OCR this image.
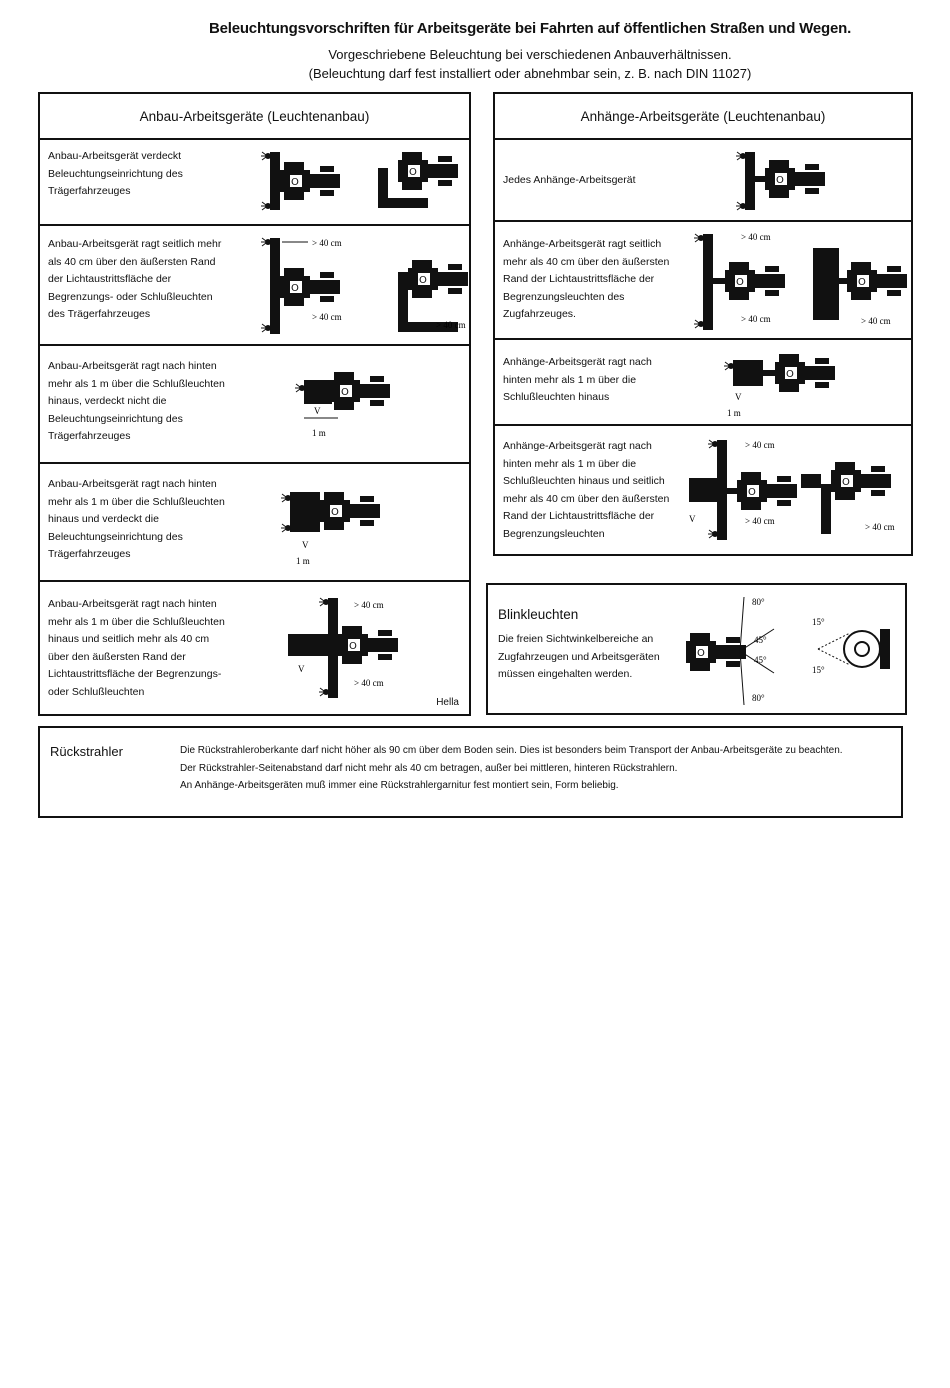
Beleuchtungsvorschriften für Arbeitsgeräte bei Fahrten auf öffentlichen Straßen und Wegen.
Vorgeschriebene Beleuchtung bei verschiedenen Anbauverhältnissen.
(Beleuchtung darf fest installiert oder abnehmbar sein, z. B. nach DIN 11027)
Anbau-Arbeitsgeräte (Leuchtenanbau)
Anbau-Arbeitsgerät verdeckt Beleuchtungseinrichtung des Trägerfahrzeuges
Anbau-Arbeitsgerät ragt seitlich mehr als 40 cm über den äußersten Rand der Lichtaustrittsfläche der Begrenzungs- oder Schlußleuchten des Trägerfahrzeuges
> 40 cm
> 40 cm
> 40 cm
Anbau-Arbeitsgerät ragt nach hinten mehr als 1 m über die Schlußleuchten hinaus, verdeckt nicht die Beleuchtungseinrichtung des Trägerfahrzeuges
V
1 m
Anbau-Arbeitsgerät ragt nach hinten mehr als 1 m über die Schlußleuchten hinaus und verdeckt die Beleuchtungseinrichtung des Trägerfahrzeuges
V
1 m
Anbau-Arbeitsgerät ragt nach hinten mehr als 1 m über die Schlußleuchten hinaus und seitlich mehr als 40 cm über den äußersten Rand der Lichtaustrittsfläche der Begrenzungs- oder Schlußleuchten
> 40 cm
> 40 cm
V
Hella
Anhänge-Arbeitsgeräte (Leuchtenanbau)
Jedes Anhänge-Arbeitsgerät
Anhänge-Arbeitsgerät ragt seitlich mehr als 40 cm über den äußersten Rand der Lichtaustrittsfläche der Begrenzungsleuchten des Zugfahrzeuges.
> 40 cm
> 40 cm	> 40 cm
Anhänge-Arbeitsgerät ragt nach hinten mehr als 1 m über die Schlußleuchten hinaus	V
1 m
Anhänge-Arbeitsgerät ragt nach hinten mehr als 1 m über die Schlußleuchten hinaus und seitlich mehr als 40 cm über den äußersten Rand der Lichtaustrittsfläche der Begrenzungsleuchten
> 40 cm
> 40 cm
V
> 40 cm
Blinkleuchten
Die freien Sichtwinkelbereiche an Zugfahrzeugen und Arbeitsgeräten müssen eingehalten werden.
80°
45°
45°
80°
15°
15°
Rückstrahler	Die Rückstrahleroberkante darf nicht höher als 90 cm über dem Boden sein. Dies ist besonders beim Transport der Anbau-Arbeitsgeräte zu beachten.
Der Rückstrahler-Seitenabstand darf nicht mehr als 40 cm betragen, außer bei mittleren, hinteren Rückstrahlern.
An Anhänge-Arbeitsgeräten muß immer eine Rückstrahlergarnitur fest montiert sein, Form beliebig.
